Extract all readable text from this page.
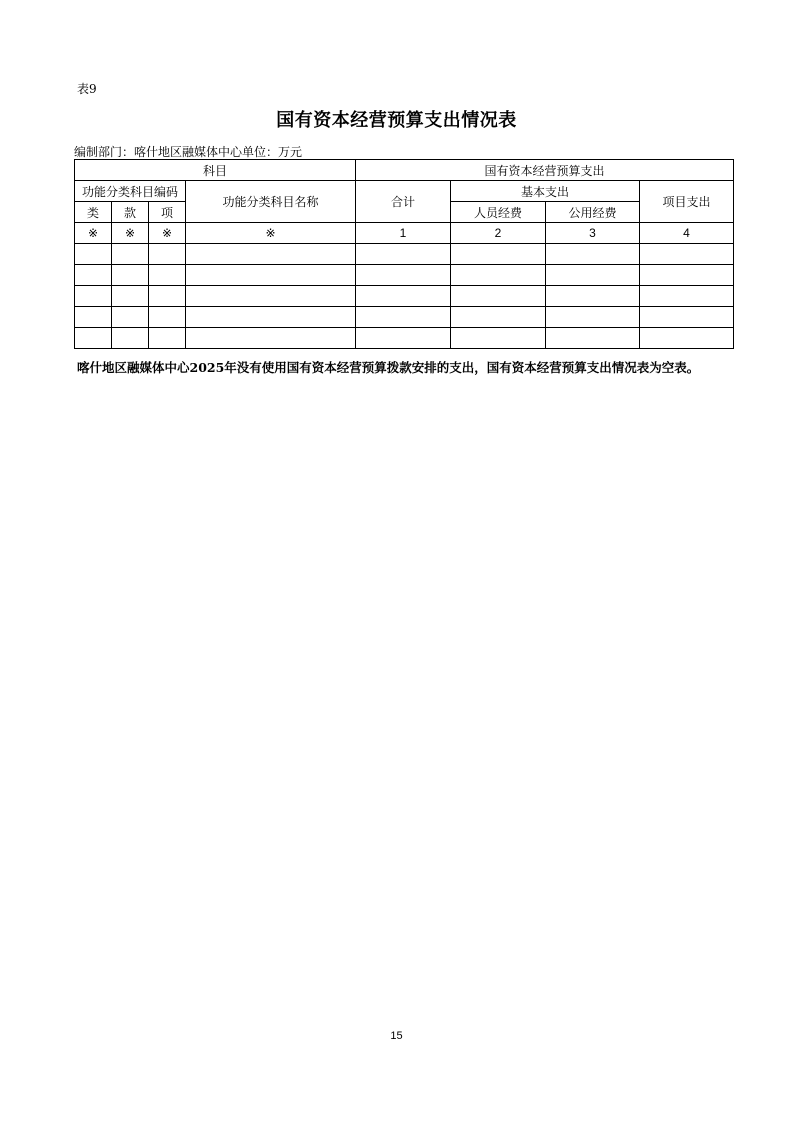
表9
国有资本经营预算支出情况表
编制部门：喀什地区融媒体中心单位：万元
科目				国有资本经营预算支出			
功能分类科目编码			功能分类科目名称	合计	基本支出		项目支出
类	款	项			人员经费	公用经费	
※	※	※	※	1	2	3	4

喀什地区融媒体中心2025年没有使用国有资本经营预算拨款安排的支出，国有资本经营预算支出情况表为空表。
15
